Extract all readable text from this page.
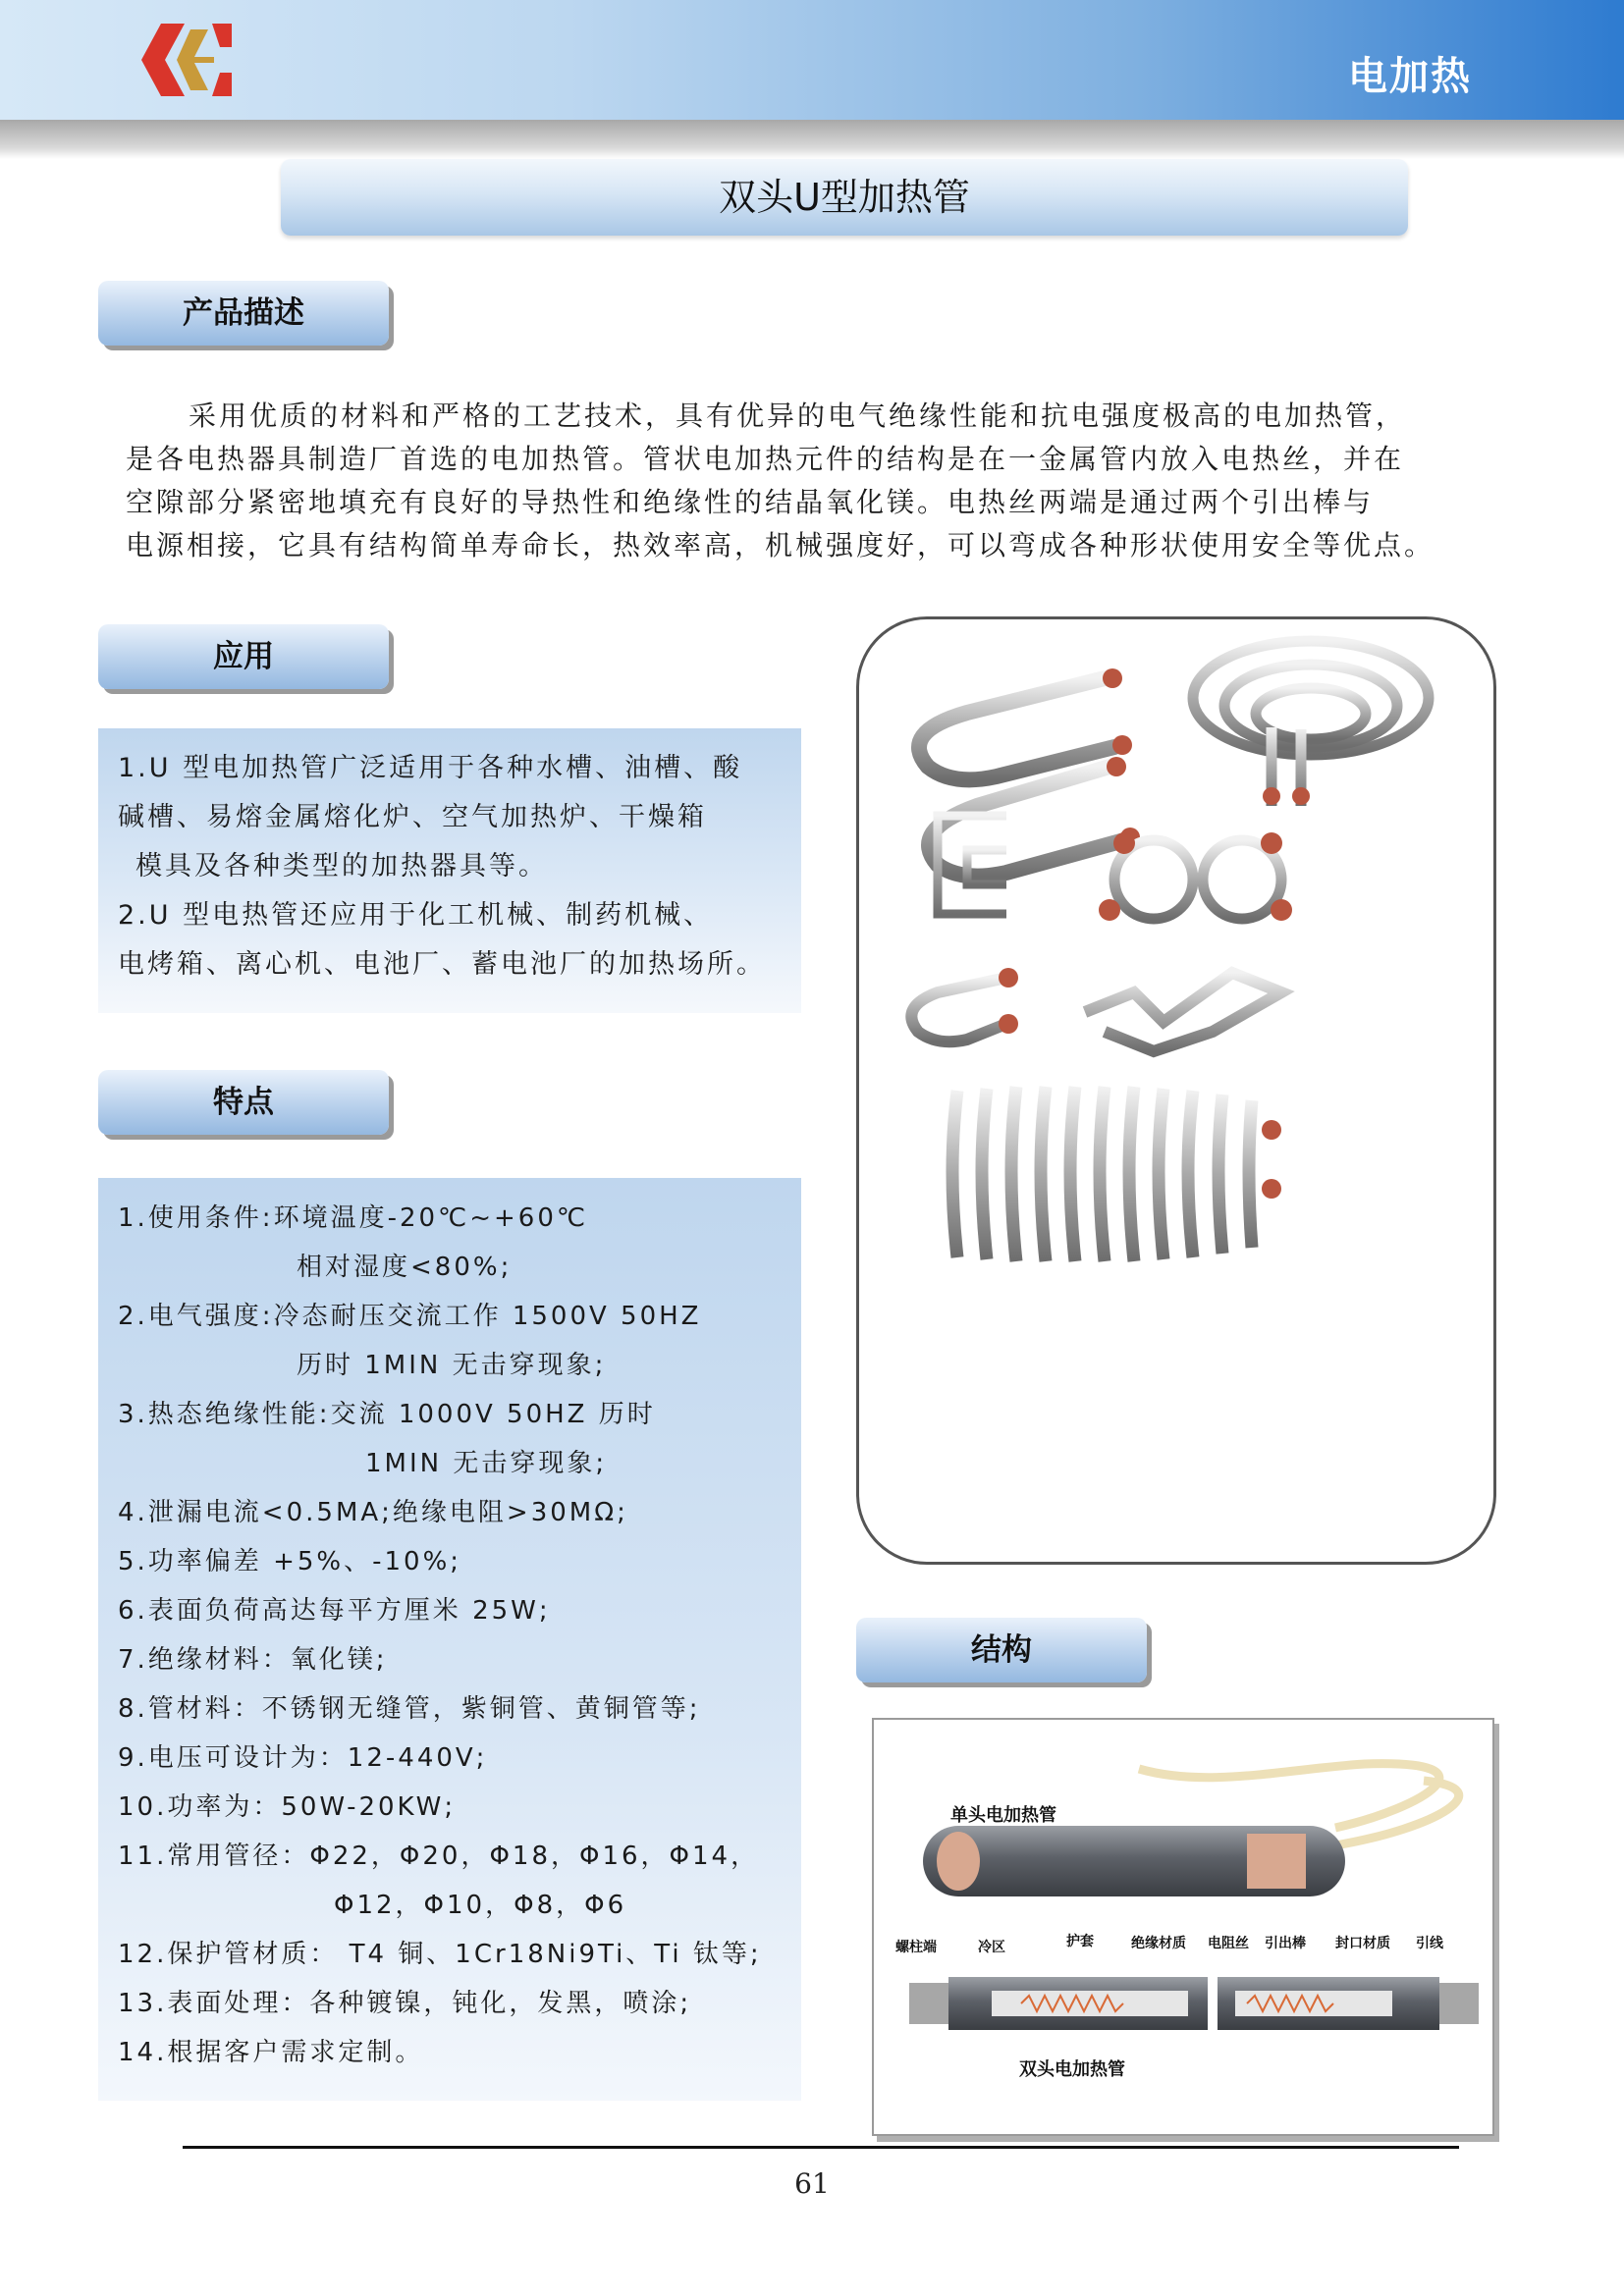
电加热
双头U型加热管
产品描述
采用优质的材料和严格的工艺技术，具有优异的电气绝缘性能和抗电强度极高的电加热管，
是各电热器具制造厂首选的电加热管。管状电加热元件的结构是在一金属管内放入电热丝，并在
空隙部分紧密地填充有良好的导热性和绝缘性的结晶氧化镁。电热丝两端是通过两个引出棒与
电源相接，它具有结构简单寿命长，热效率高，机械强度好，可以弯成各种形状使用安全等优点。
应用
1.U 型电加热管广泛适用于各种水槽、油槽、酸
碱槽、易熔金属熔化炉、空气加热炉、干燥箱
模具及各种类型的加热器具等。
2.U 型电热管还应用于化工机械、制药机械、
电烤箱、离心机、电池厂、蓄电池厂的加热场所。
特点
1.使用条件:环境温度-20℃~+60℃
相对湿度<80%;
2.电气强度:冷态耐压交流工作 1500V 50HZ
历时 1MIN 无击穿现象;
3.热态绝缘性能:交流 1000V 50HZ 历时
1MIN 无击穿现象;
4.泄漏电流<0.5MA;绝缘电阻>30MΩ;
5.功率偏差 +5%、-10%;
6.表面负荷高达每平方厘米 25W;
7.绝缘材料：氧化镁;
8.管材料：不锈钢无缝管，紫铜管、黄铜管等;
9.电压可设计为：12-440V;
10.功率为：50W-20KW;
11.常用管径：Φ22，Φ20，Φ18，Φ16，Φ14，
Φ12，Φ10，Φ8，Φ6
12.保护管材质： T4 铜、1Cr18Ni9Ti、Ti 钛等;
13.表面处理：各种镀镍，钝化，发黑，喷涂;
14.根据客户需求定制。
结构
单头电加热管
螺柱端	冷区	护套	绝缘材质 电阻丝 引出棒 封口材质 引线
双头电加热管
61
